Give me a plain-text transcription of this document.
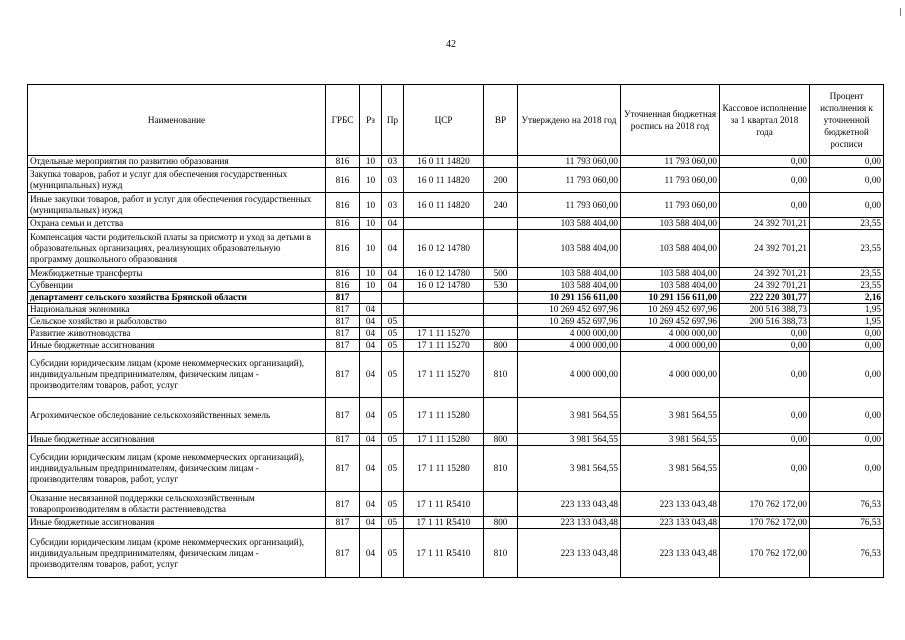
42
Наименование	ГРБС	Рз	Пр	ЦСР	ВР	Утверждено на 2018 год	Уточненная бюджетная роспись на 2018 год	Кассовое исполнение за 1 квартал 2018 года	Процент исполнения к уточненной бюджетной росписи
Отдельные мероприятия по развитию образования	816	10	03	16 0 11 14820		11 793 060,00	11 793 060,00	0,00	0,00
Закупка товаров, работ и услуг для обеспечения государственных (муниципальных) нужд	816	10	03	16 0 11 14820	200	11 793 060,00	11 793 060,00	0,00	0,00
Иные закупки товаров, работ и услуг для обеспечения государственных (муниципальных) нужд	816	10	03	16 0 11 14820	240	11 793 060,00	11 793 060,00	0,00	0,00
Охрана семьи и детства	816	10	04			103 588 404,00	103 588 404,00	24 392 701,21	23,55
Компенсация части родительской платы за присмотр и уход за детьми в образовательных организациях, реализующих образовательную программу дошкольного образования	816	10	04	16 0 12 14780		103 588 404,00	103 588 404,00	24 392 701,21	23,55
Межбюджетные трансферты	816	10	04	16 0 12 14780	500	103 588 404,00	103 588 404,00	24 392 701,21	23,55
Субвенции	816	10	04	16 0 12 14780	530	103 588 404,00	103 588 404,00	24 392 701,21	23,55
департамент сельского хозяйства Брянской области	817					10 291 156 611,00	10 291 156 611,00	222 220 301,77	2,16
Национальная экономика	817	04				10 269 452 697,96	10 269 452 697,96	200 516 388,73	1,95
Сельское хозяйство и рыболовство	817	04	05			10 269 452 697,96	10 269 452 697,96	200 516 388,73	1,95
Развитие животноводства	817	04	05	17 1 11 15270		4 000 000,00	4 000 000,00	0,00	0,00
Иные бюджетные ассигнования	817	04	05	17 1 11 15270	800	4 000 000,00	4 000 000,00	0,00	0,00
Субсидии юридическим лицам (кроме некоммерческих организаций), индивидуальным предпринимателям, физическим лицам - производителям товаров, работ, услуг	817	04	05	17 1 11 15270	810	4 000 000,00	4 000 000,00	0,00	0,00
Агрохимическое обследование сельскохозяйственных земель	817	04	05	17 1 11 15280		3 981 564,55	3 981 564,55	0,00	0,00
Иные бюджетные ассигнования	817	04	05	17 1 11 15280	800	3 981 564,55	3 981 564,55	0,00	0,00
Субсидии юридическим лицам (кроме некоммерческих организаций), индивидуальным предпринимателям, физическим лицам - производителям товаров, работ, услуг	817	04	05	17 1 11 15280	810	3 981 564,55	3 981 564,55	0,00	0,00
Оказание несвязанной поддержки сельскохозяйственным товаропроизводителям в области растениеводства	817	04	05	17 1 11 R5410		223 133 043,48	223 133 043,48	170 762 172,00	76,53
Иные бюджетные ассигнования	817	04	05	17 1 11 R5410	800	223 133 043,48	223 133 043,48	170 762 172,00	76,53
Субсидии юридическим лицам (кроме некоммерческих организаций), индивидуальным предпринимателям, физическим лицам - производителям товаров, работ, услуг	817	04	05	17 1 11 R5410	810	223 133 043,48	223 133 043,48	170 762 172,00	76,53
